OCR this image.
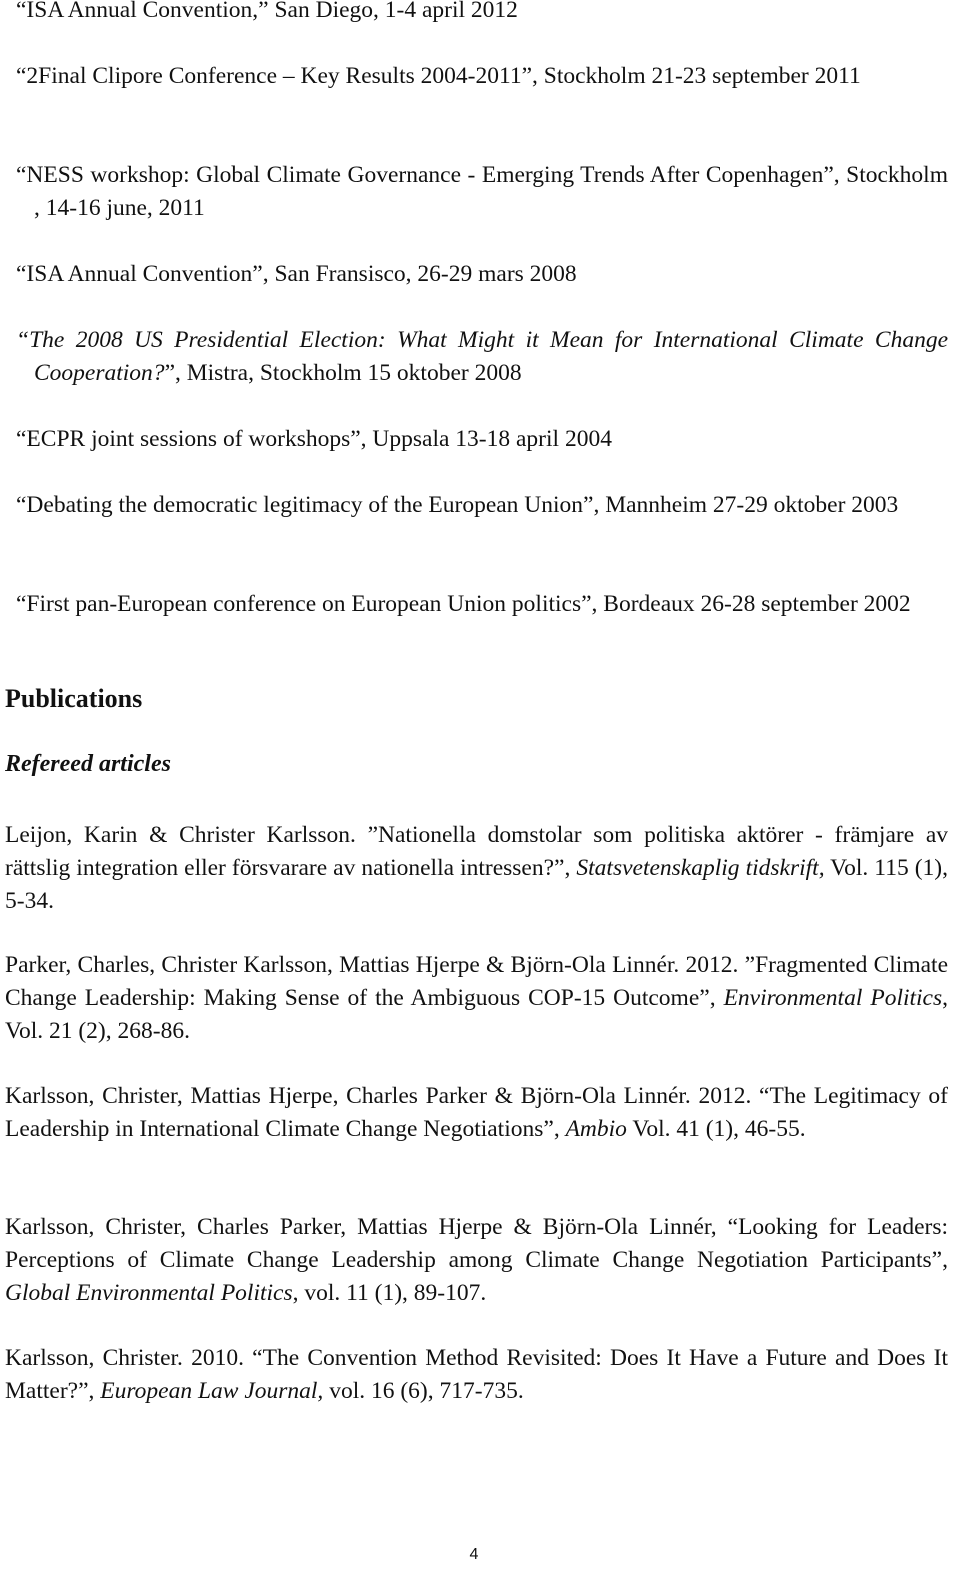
“ISA Annual Convention,” San Diego, 1-4 april 2012

“2Final Clipore Conference – Key Results 2004-2011”, Stockholm 21-23 september 2011

“NESS workshop: Global Climate Governance - Emerging Trends After Copenhagen”, Stockholm , 14-16 june, 2011

“ISA Annual Convention”, San Fransisco, 26-29 mars 2008

“The 2008 US Presidential Election: What Might it Mean for International Climate Change Cooperation?”, Mistra, Stockholm 15 oktober 2008

“ECPR joint sessions of workshops”, Uppsala 13-18 april 2004

“Debating the democratic legitimacy of the European Union”, Mannheim 27-29 oktober 2003

“First pan-European conference on European Union politics”, Bordeaux 26-28 september 2002

Publications
Refereed articles

Leijon, Karin & Christer Karlsson. ”Nationella domstolar som politiska aktörer - främjare av rättslig integration eller försvarare av nationella intressen?”, Statsvetenskaplig tidskrift, Vol. 115 (1), 5-34.

Parker, Charles, Christer Karlsson, Mattias Hjerpe & Björn-Ola Linnér. 2012. ”Fragmented Climate Change Leadership: Making Sense of the Ambiguous COP-15 Outcome”, Environmental Politics, Vol. 21 (2), 268-86.

Karlsson, Christer, Mattias Hjerpe, Charles Parker & Björn-Ola Linnér. 2012. “The Legitimacy of Leadership in International Climate Change Negotiations”, Ambio Vol. 41 (1), 46-55.

Karlsson, Christer, Charles Parker, Mattias Hjerpe & Björn-Ola Linnér, “Looking for Leaders: Perceptions of Climate Change Leadership among Climate Change Negotiation Participants”, Global Environmental Politics, vol. 11 (1), 89-107.

Karlsson, Christer. 2010. “The Convention Method Revisited: Does It Have a Future and Does It Matter?”, European Law Journal, vol. 16 (6), 717-735.

4
